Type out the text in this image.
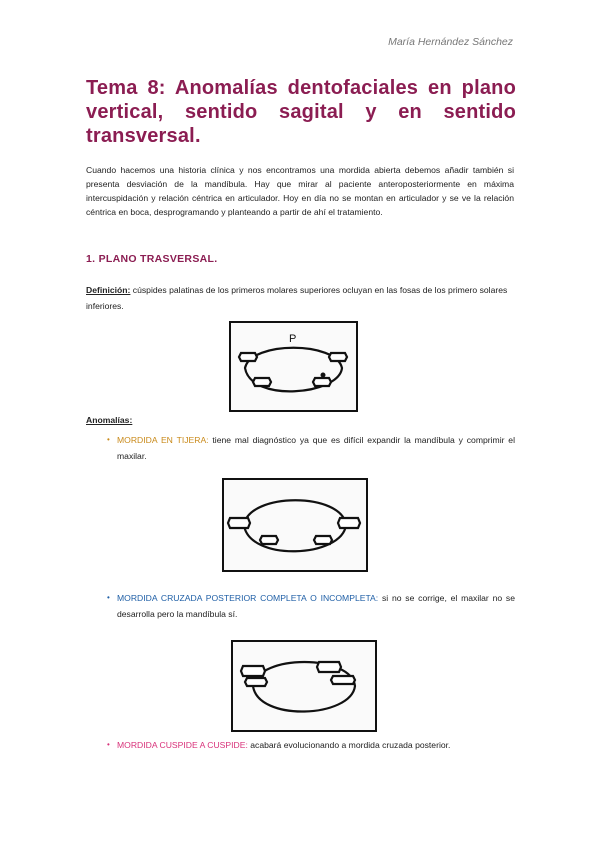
María Hernández Sánchez
Tema 8: Anomalías dentofaciales en plano vertical, sentido sagital y en sentido transversal.

Cuando hacemos una historia clínica y nos encontramos una mordida abierta debemos añadir también si presenta desviación de la mandíbula. Hay que mirar al paciente anteroposteriormente en máxima intercuspidación y relación céntrica en articulador. Hoy en día no se montan en articulador y se ve la relación céntrica en boca, desprogramando y planteando a partir de ahí el tratamiento.

1. PLANO TRASVERSAL.

Definición: cúspides palatinas de los primeros molares superiores ocluyan en las fosas de los primero solares inferiores.

P
Anomalías:

• MORDIDA EN TIJERA: tiene mal diagnóstico ya que es difícil expandir la mandíbula y comprimir el maxilar.

• MORDIDA CRUZADA POSTERIOR COMPLETA O INCOMPLETA: si no se corrige, el maxilar no se desarrolla pero la mandíbula sí.

• MORDIDA CUSPIDE A CUSPIDE: acabará evolucionando a mordida cruzada posterior.
